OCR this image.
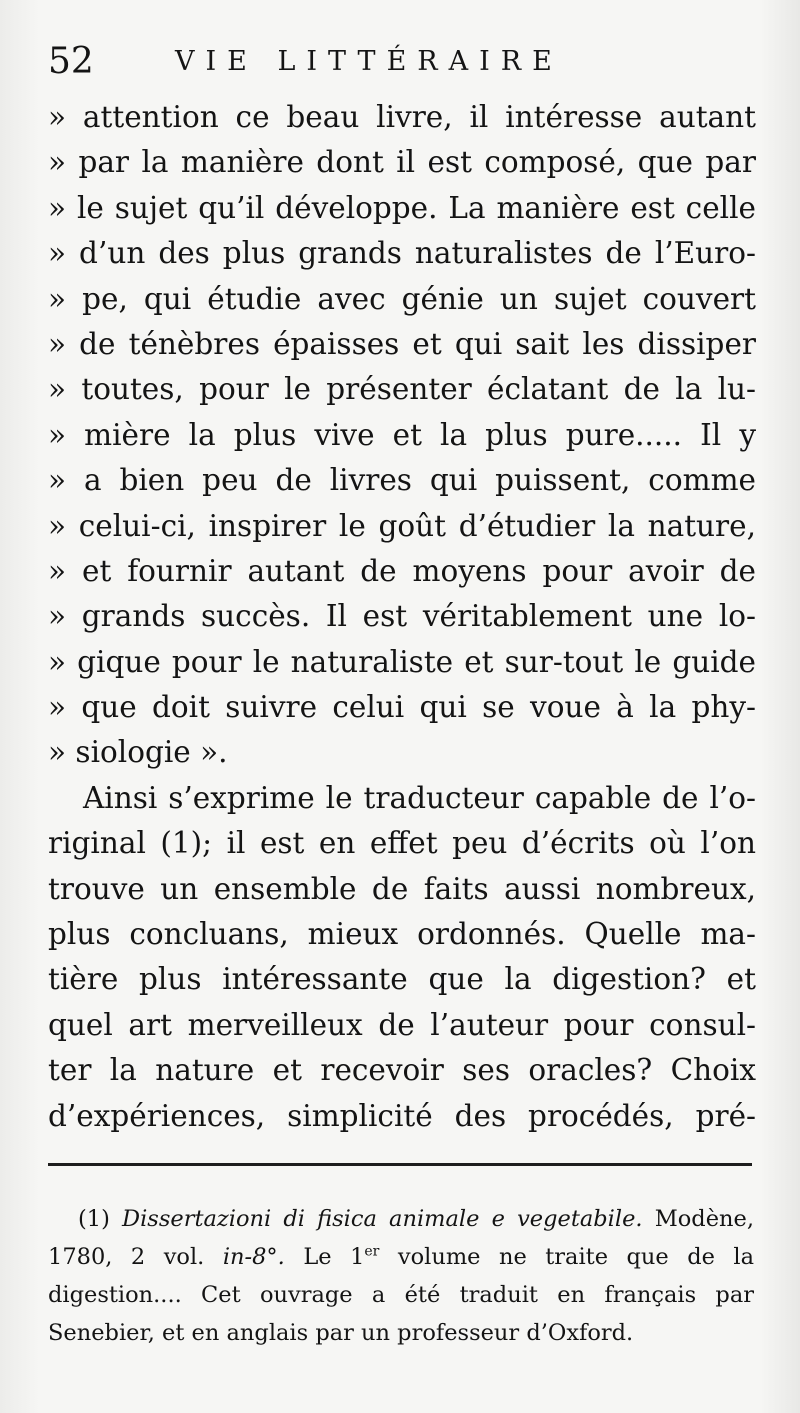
52	VIE LITTÉRAIRE
» attention ce beau livre, il intéresse autant
» par la manière dont il est composé, que par
» le sujet qu’il développe. La manière est celle
» d’un des plus grands naturalistes de l’Euro-
» pe, qui étudie avec génie un sujet couvert
» de ténèbres épaisses et qui sait les dissiper
» toutes, pour le présenter éclatant de la lu-
» mière la plus vive et la plus pure..... Il y
» a bien peu de livres qui puissent, comme
» celui-ci, inspirer le goût d’étudier la nature,
» et fournir autant de moyens pour avoir de
» grands succès. Il est véritablement une lo-
» gique pour le naturaliste et sur-tout le guide
» que doit suivre celui qui se voue à la phy-
» siologie ».
Ainsi s’exprime le traducteur capable de l’o-
riginal (1); il est en effet peu d’écrits où l’on
trouve un ensemble de faits aussi nombreux,
plus concluans, mieux ordonnés. Quelle ma-
tière plus intéressante que la digestion? et
quel art merveilleux de l’auteur pour consul-
ter la nature et recevoir ses oracles? Choix
d’expériences, simplicité des procédés, pré-
(1) Dissertazioni di fisica animale e vegetabile. Modène,
1780, 2 vol. in-8°. Le 1er volume ne traite que de la
digestion.... Cet ouvrage a été traduit en français par
Senebier, et en anglais par un professeur d’Oxford.
